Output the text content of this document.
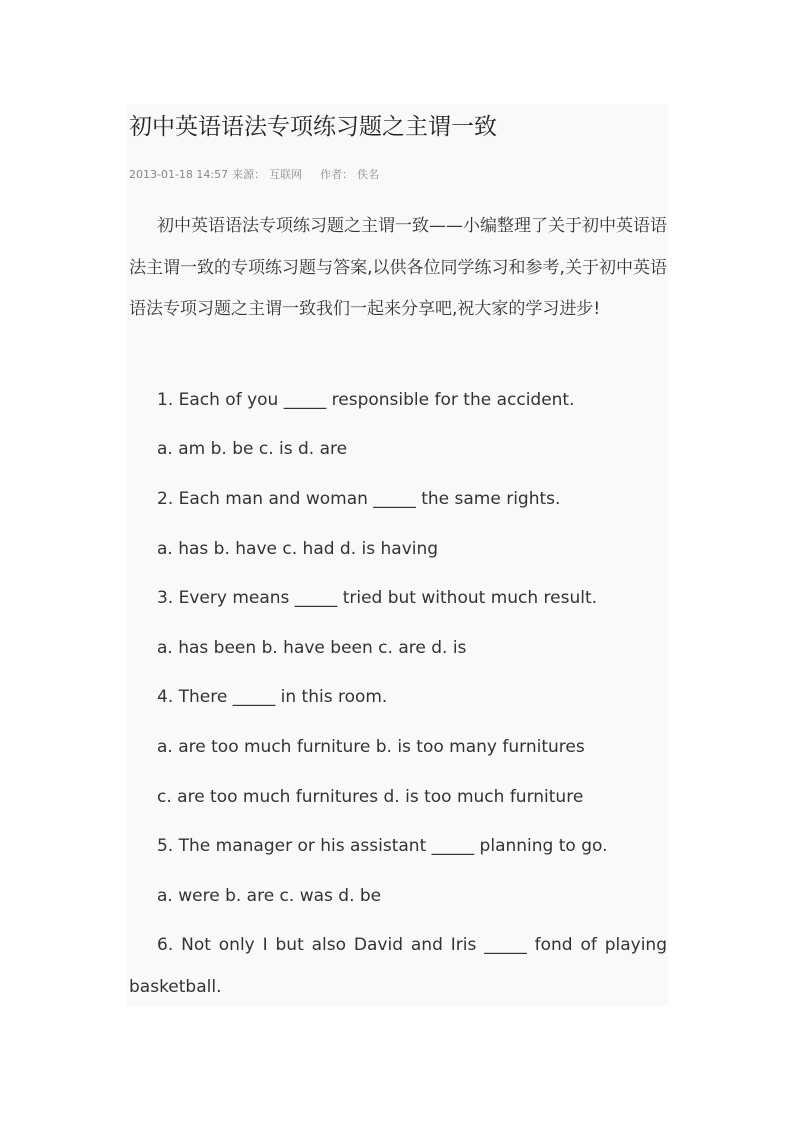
初中英语语法专项练习题之主谓一致
2013-01-18 14:57 来源： 互联网 作者： 佚名

初中英语语法专项练习题之主谓一致——小编整理了关于初中英语语法主谓一致的专项练习题与答案,以供各位同学练习和参考,关于初中英语语法专项习题之主谓一致我们一起来分享吧,祝大家的学习进步!

1. Each of you _____ responsible for the accident.

a. am b. be c. is d. are

2. Each man and woman _____ the same rights.

a. has b. have c. had d. is having

3. Every means _____ tried but without much result.

a. has been b. have been c. are d. is

4. There _____ in this room.

a. are too much furniture b. is too many furnitures

c. are too much furnitures d. is too much furniture

5. The manager or his assistant _____ planning to go.

a. were b. are c. was d. be

6. Not only I but also David and Iris _____ fond of playing basketball.
